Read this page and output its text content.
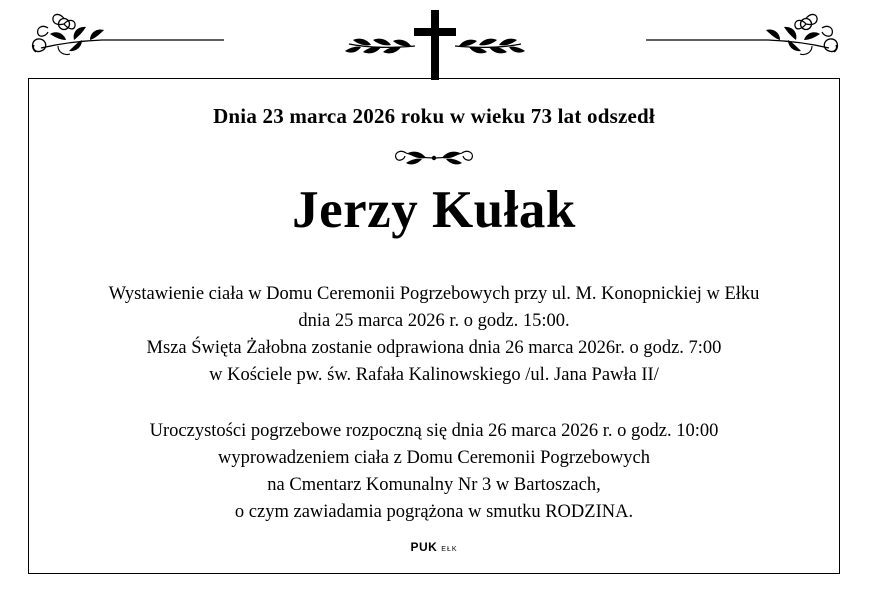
Dnia 23 marca 2026 roku w wieku 73 lat odszedł
Jerzy Kułak

Wystawienie ciała w Domu Ceremonii Pogrzebowych przy ul. M. Konopnickiej w Ełku

dnia 25 marca 2026 r. o godz. 15:00.

Msza Święta Żałobna zostanie odprawiona dnia 26 marca 2026r. o godz. 7:00

w Kościele pw. św. Rafała Kalinowskiego /ul. Jana Pawła II/

Uroczystości pogrzebowe rozpoczną się dnia 26 marca 2026 r. o godz. 10:00

wyprowadzeniem ciała z Domu Ceremonii Pogrzebowych

na Cmentarz Komunalny Nr 3 w Bartoszach,

o czym zawiadamia pogrążona w smutku RODZINA.

PUK EŁK
